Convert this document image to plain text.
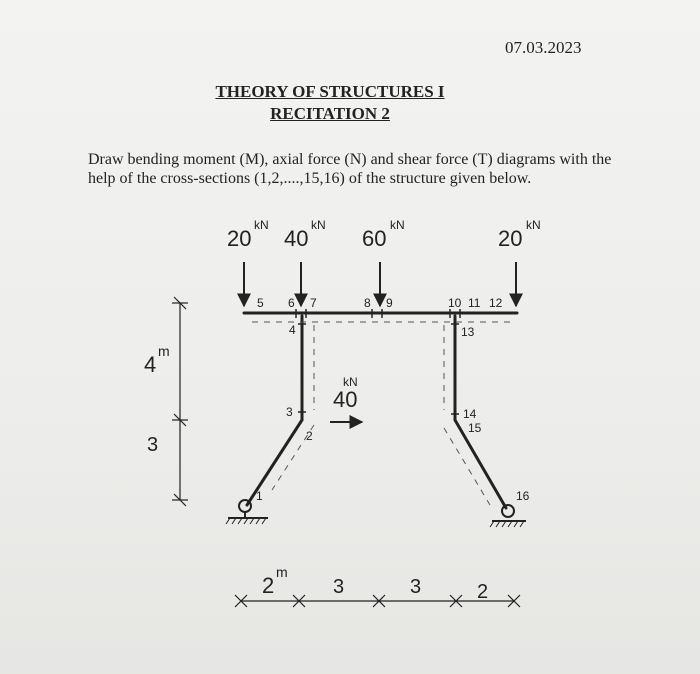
07.03.2023
THEORY OF STRUCTURES I
RECITATION 2
Draw bending moment (M), axial force (N) and shear force (T) diagrams with the
help of the cross-sections (1,2,....,15,16) of the structure given below.
20
kN
40
kN
60
kN
20
kN
40
kN
1
2
3
4
5 6 7	8 9	10 11 12
13
14
15
16
4
m
3
2
m
3	3	2
